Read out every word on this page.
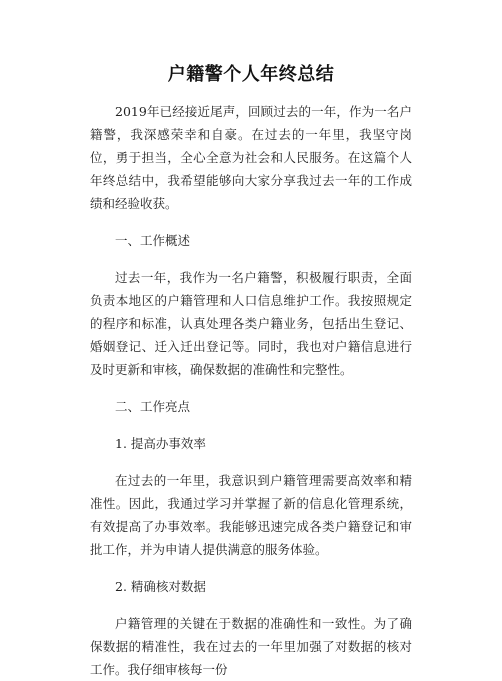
户籍警个人年终总结

2019年已经接近尾声，回顾过去的一年，作为一名户籍警，我深感荣幸和自豪。在过去的一年里，我坚守岗位，勇于担当，全心全意为社会和人民服务。在这篇个人年终总结中，我希望能够向大家分享我过去一年的工作成绩和经验收获。

一、工作概述

过去一年，我作为一名户籍警，积极履行职责，全面负责本地区的户籍管理和人口信息维护工作。我按照规定的程序和标准，认真处理各类户籍业务，包括出生登记、婚姻登记、迁入迁出登记等。同时，我也对户籍信息进行及时更新和审核，确保数据的准确性和完整性。

二、工作亮点

1. 提高办事效率

在过去的一年里，我意识到户籍管理需要高效率和精准性。因此，我通过学习并掌握了新的信息化管理系统，有效提高了办事效率。我能够迅速完成各类户籍登记和审批工作，并为申请人提供满意的服务体验。

2. 精确核对数据

户籍管理的关键在于数据的准确性和一致性。为了确保数据的精准性，我在过去的一年里加强了对数据的核对工作。我仔细审核每一份
